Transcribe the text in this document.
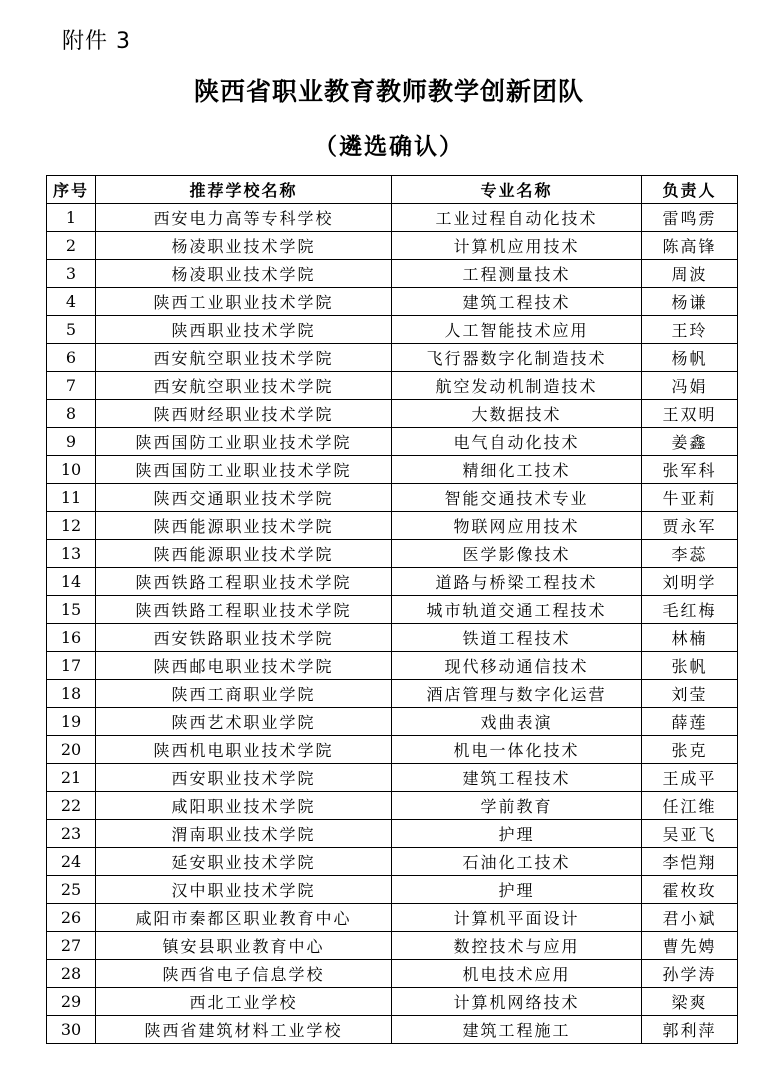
附件 3
陕西省职业教育教师教学创新团队
（遴选确认）
序号	推荐学校名称	专业名称	负责人
1	西安电力高等专科学校	工业过程自动化技术	雷鸣雳
2	杨凌职业技术学院	计算机应用技术	陈高锋
3	杨凌职业技术学院	工程测量技术	周波
4	陕西工业职业技术学院	建筑工程技术	杨谦
5	陕西职业技术学院	人工智能技术应用	王玲
6	西安航空职业技术学院	飞行器数字化制造技术	杨帆
7	西安航空职业技术学院	航空发动机制造技术	冯娟
8	陕西财经职业技术学院	大数据技术	王双明
9	陕西国防工业职业技术学院	电气自动化技术	姜鑫
10	陕西国防工业职业技术学院	精细化工技术	张军科
11	陕西交通职业技术学院	智能交通技术专业	牛亚莉
12	陕西能源职业技术学院	物联网应用技术	贾永军
13	陕西能源职业技术学院	医学影像技术	李蕊
14	陕西铁路工程职业技术学院	道路与桥梁工程技术	刘明学
15	陕西铁路工程职业技术学院	城市轨道交通工程技术	毛红梅
16	西安铁路职业技术学院	铁道工程技术	林楠
17	陕西邮电职业技术学院	现代移动通信技术	张帆
18	陕西工商职业学院	酒店管理与数字化运营	刘莹
19	陕西艺术职业学院	戏曲表演	薛莲
20	陕西机电职业技术学院	机电一体化技术	张克
21	西安职业技术学院	建筑工程技术	王成平
22	咸阳职业技术学院	学前教育	任江维
23	渭南职业技术学院	护理	吴亚飞
24	延安职业技术学院	石油化工技术	李恺翔
25	汉中职业技术学院	护理	霍枚玫
26	咸阳市秦都区职业教育中心	计算机平面设计	君小斌
27	镇安县职业教育中心	数控技术与应用	曹先娉
28	陕西省电子信息学校	机电技术应用	孙学涛
29	西北工业学校	计算机网络技术	梁爽
30	陕西省建筑材料工业学校	建筑工程施工	郭利萍
